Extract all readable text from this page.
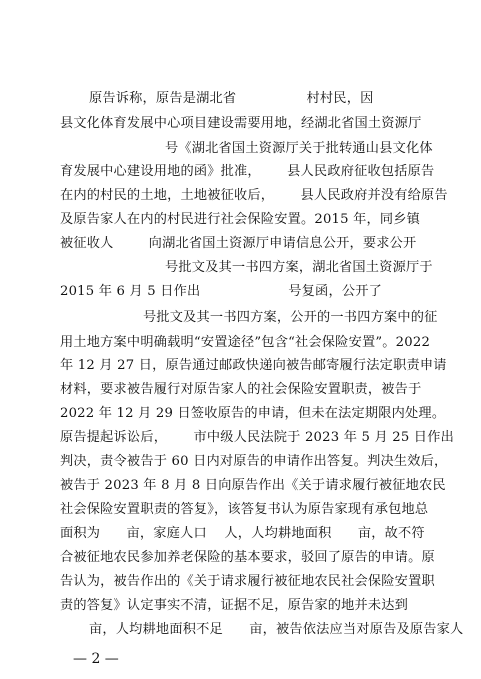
原告诉称，原告是湖北省                村村民，因
县文化体育发展中心项目建设需要用地，经湖北省国土资源厅
号《湖北省国土资源厅关于批转通山县文化体
育发展中心建设用地的函》批准，      县人民政府征收包括原告
在内的村民的土地，土地被征收后，      县人民政府并没有给原告
及原告家人在内的村民进行社会保险安置。2015 年，同乡镇
被征收人        向湖北省国土资源厅申请信息公开，要求公开
号批文及其一书四方案，湖北省国土资源厅于
2015 年 6 月 5 日作出                    号复函，公开了
号批文及其一书四方案，公开的一书四方案中的征
用土地方案中明确载明“安置途径”包含“社会保险安置”。2022
年 12 月 27 日，原告通过邮政快递向被告邮寄履行法定职责申请
材料，要求被告履行对原告家人的社会保险安置职责，被告于
2022 年 12 月 29 日签收原告的申请，但未在法定期限内处理。
原告提起诉讼后，      市中级人民法院于 2023 年 5 月 25 日作出
判决，责令被告于 60 日内对原告的申请作出答复。判决生效后，
被告于 2023 年 8 月 8 日向原告作出《关于请求履行被征地农民
社会保险安置职责的答复》，该答复书认为原告家现有承包地总
面积为      亩，家庭人口    人，人均耕地面积      亩，故不符
合被征地农民参加养老保险的基本要求，驳回了原告的申请。原
告认为，被告作出的《关于请求履行被征地农民社会保险安置职
责的答复》认定事实不清，证据不足，原告家的地并未达到
亩，人均耕地面积不足      亩，被告依法应当对原告及原告家人
— 2 —
